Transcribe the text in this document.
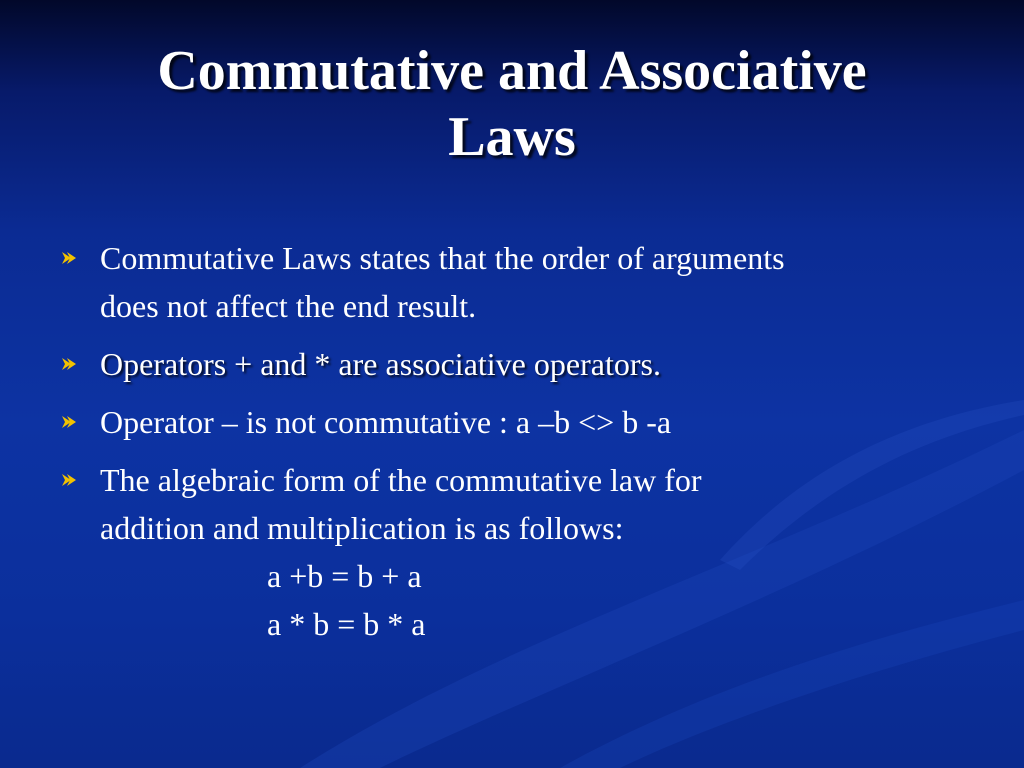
Commutative and Associative
Laws
Commutative Laws states that the order of arguments
does not affect the end result.
Operators + and * are associative operators.
Operator – is not commutative : a –b <> b -a
The algebraic form of the commutative law for
addition and multiplication is as follows:
a +b = b + a
a * b = b * a
